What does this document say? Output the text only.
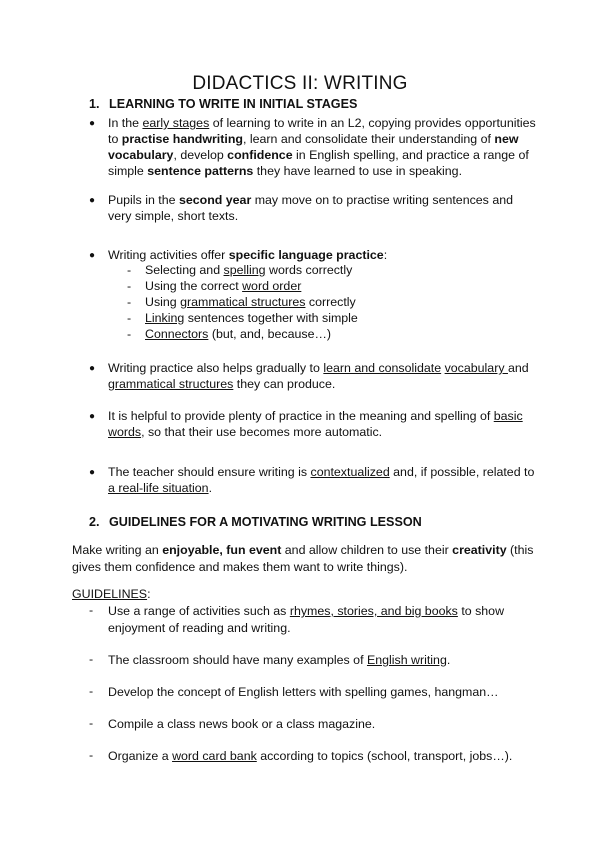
DIDACTICS II: WRITING
1. LEARNING TO WRITE IN INITIAL STAGES
● In the early stages of learning to write in an L2, copying provides opportunities to practise handwriting, learn and consolidate their understanding of new vocabulary, develop confidence in English spelling, and practice a range of simple sentence patterns they have learned to use in speaking.
● Pupils in the second year may move on to practise writing sentences and very simple, short texts.
● Writing activities offer specific language practice:
- Selecting and spelling words correctly
- Using the correct word order
- Using grammatical structures correctly
- Linking sentences together with simple
- Connectors (but, and, because…)
● Writing practice also helps gradually to learn and consolidate vocabulary and grammatical structures they can produce.
● It is helpful to provide plenty of practice in the meaning and spelling of basic words, so that their use becomes more automatic.
● The teacher should ensure writing is contextualized and, if possible, related to a real-life situation.
2. GUIDELINES FOR A MOTIVATING WRITING LESSON
Make writing an enjoyable, fun event and allow children to use their creativity (this gives them confidence and makes them want to write things).
GUIDELINES:
- Use a range of activities such as rhymes, stories, and big books to show enjoyment of reading and writing.
- The classroom should have many examples of English writing.
- Develop the concept of English letters with spelling games, hangman…
- Compile a class news book or a class magazine.
- Organize a word card bank according to topics (school, transport, jobs…).
